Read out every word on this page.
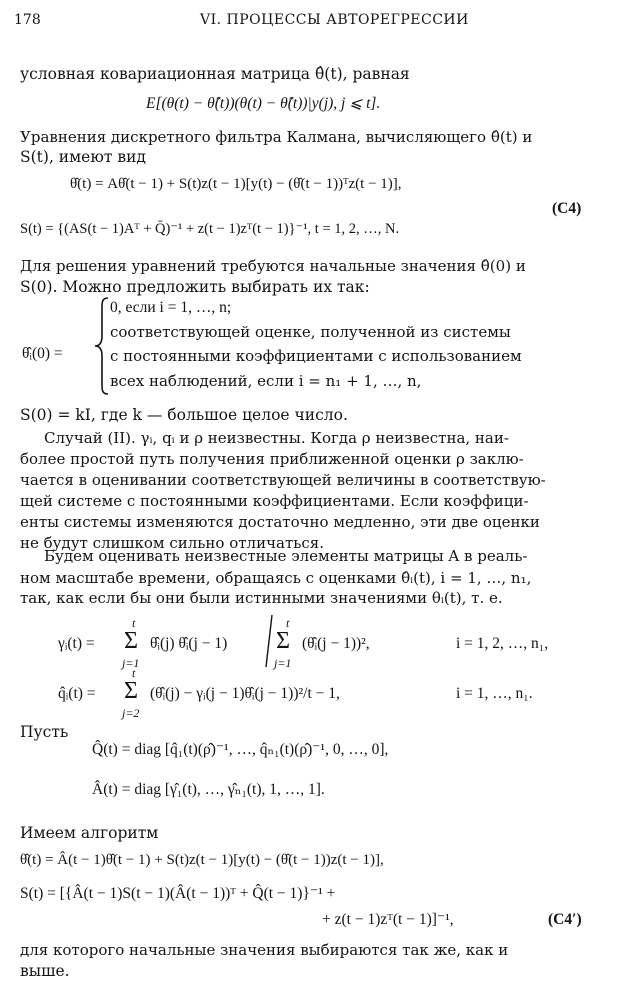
178	VI. ПРОЦЕССЫ АВТОРЕГРЕССИИ
условная ковариационная матрица θ̂(t), равная
E[(θ(t) − θ̂(t))(θ(t) − θ̂(t))|y(j), j ⩽ t].
Уравнения дискретного фильтра Калмана, вычисляющего θ̂(t) и
S(t), имеют вид
θ̂(t) = Aθ̂(t − 1) + S(t)z(t − 1)[y(t) − (θ̂(t − 1))ᵀz(t − 1)],
(C4)
S(t) = {(AS(t − 1)Aᵀ + Q̄)⁻¹ + z(t − 1)zᵀ(t − 1)}⁻¹, t = 1, 2, …, N.
Для решения уравнений требуются начальные значения θ̂(0) и
S(0). Можно предложить выбирать их так:
θ̂ᵢ(0) =
0, если i = 1, …, n;
соответствующей оценке, полученной из системы
с постоянными коэффициентами с использованием
всех наблюдений, если i = n₁ + 1, …, n,
S(0) = kI, где k — большое целое число.
Случай (II). γᵢ, qᵢ и ρ неизвестны. Когда ρ неизвестна, наи-
более простой путь получения приближенной оценки ρ заклю-
чается в оценивании соответствующей величины в соответствую-
щей системе с постоянными коэффициентами. Если коэффици-
енты системы изменяются достаточно медленно, эти две оценки
не будут слишком сильно отличаться.
Будем оценивать неизвестные элементы матрицы A в реаль-
ном масштабе времени, обращаясь с оценками θ̂ᵢ(t), i = 1, …, n₁,
так, как если бы они были истинными значениями θᵢ(t), т. е.
γᵢ(t) =
t
Σ
j=1
θ̂ᵢ(j) θ̂ᵢ(j − 1)
t
Σ
j=1
(θ̂ᵢ(j − 1))²,	i = 1, 2, …, n₁,
q̂ᵢ(t) =
t
Σ
j=2
(θ̂ᵢ(j) − γᵢ(j − 1)θ̂ᵢ(j − 1))²/t − 1,	i = 1, …, n₁.
Пусть
Q̂(t) = diag [q̂₁(t)(ρ̂)⁻¹, …, q̂ₙ₁(t)(ρ̂)⁻¹, 0, …, 0],
Â(t) = diag [γ̂₁(t), …, γ̂ₙ₁(t), 1, …, 1].
Имеем алгоритм
θ̂(t) = Â(t − 1)θ̂(t − 1) + S(t)z(t − 1)[y(t) − (θ̂(t − 1))z(t − 1)],
S(t) = [{Â(t − 1)S(t − 1)(Â(t − 1))ᵀ + Q̂(t − 1)}⁻¹ +
+ z(t − 1)zᵀ(t − 1)]⁻¹,	(C4′)
для которого начальные значения выбираются так же, как и
выше.
